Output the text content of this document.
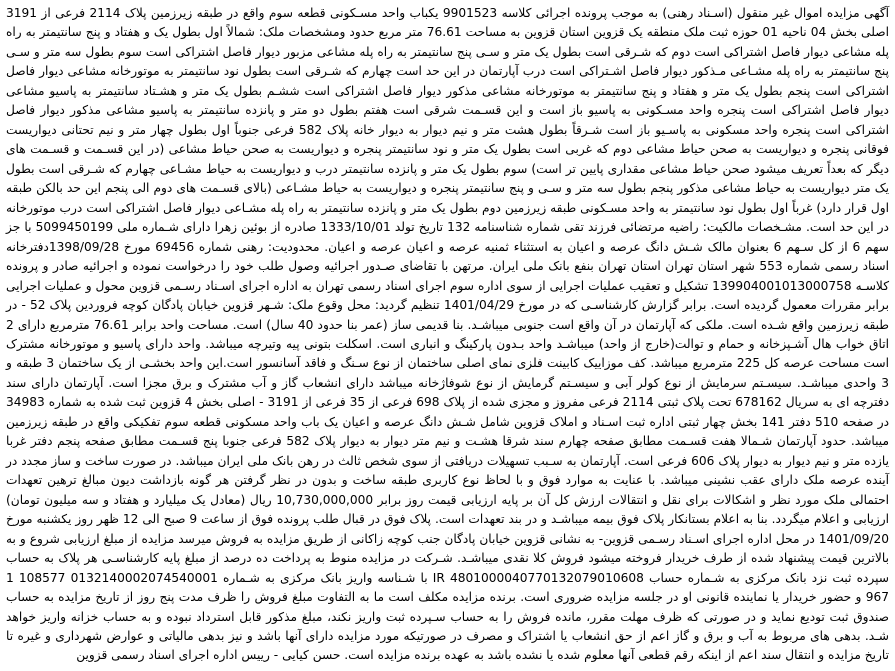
آگهی مزایده اموال غیر منقول (اسـناد رهنی) به موجب پرونده اجرائی کلاسه 9901523 یکباب واحد مسـکونی قطعه سوم واقع در طبقه زیرزمین پلاک 2114 فرعی از 3191 اصلی بخش 04 ناحیه 01 حوزه ثبت ملک منطقه یک قزوین استان قزوین به مساحت 76.61 متر مربع حدود ومشخصات ملک: شمالاً اول بطول یک و هفتاد و پنج سانتیمتر به راه پله مشاعی دیوار فاصل اشتراکی است دوم که شـرقی است بطول یک متر و سـی پنج سانتیمتر به راه پله مشاعی مزبور دیوار فاصل اشتراکی است سوم بطول سه متر و سـی پنج سانتیمتر به راه پله مشـاعی مـذکور دیوار فاصل اشـتراکی است درب آپارتمان در این حد است چهارم که شـرقی است بطول نود سانتیمتر به موتورخانه مشاعی دیوار فاصل اشتراکی است پنجم بطول یک متر و هفتاد و پنج سانتیمتر به موتورخانه مشاعی مذکور دیوار فاصل اشتراکی است ششـم بطول یک متر و هشـتاد سانتیمتر به پاسیو مشاعی دیوار فاصل اشتراکی است پنجره واحد مسـکونی به پاسیو باز است و این قسـمت شرقی است هفتم بطول دو متر و پانزده سانتیمتر به پاسیو مشاعی مذکور دیوار فاصل اشتراکی است پنجره واحد مسکونی به پاسـیو باز است شـرقاً بطول هشت متر و نیم دیوار به دیوار خانه پلاک 582 فرعی جنوباً اول بطول چهار متر و نیم تحتانی دیواریست فوقانی پنجره و دیواریست به صحن حیاط مشاعی دوم که غربی است بطول یک متر و نود سانتیمتر پنجره و دیواریست به صحن حیاط مشاعی (در این قسـمت و قسـمت های دیگر که بعداً تعریف میشود صحن حیاط مشاعی مقداری پایین تر است) سوم بطول یک متر و پانزده سانتیمتر درب و دیواریست به حیاط مشـاعی چهارم که شـرقی است بطول یک متر دیواریست به حیاط مشاعی مذکور پنجم بطول سه متر و سـی و پنج سانتیمتر پنجره و دیواریست به حیاط مشـاعی (بالای قسـمت های دوم الی پنجم این حد بالکن طبقه اول قرار دارد) غرباً اول بطول نود سانتیمتر به واحد مسـکونی طبقه زیرزمین دوم بطول یک متر و پانزده سانتیمتر به راه پله مشـاعی دیوار فاصل اشتراکی است درب موتورخانه در این حد است. مشـخصات مالکیت: راضیه مرتضائی فرزند تقی شماره شناسنامه 132 تاریخ تولد 1333/10/01 صادره از بوئین زهرا دارای شـماره ملی 5099450199 با جز سهم 6 از کل سـهم 6 بعنوان مالک شـش دانگ عرصه و اعیان به استثناء ثمنیه عرصه و اعیان عرصه و اعیان. محدودیت: رهنی شماره 69456 مورخ 1398/09/28دفترخانه اسناد رسمی شماره 553 شهر استان تهران استان تهران بنفع بانک ملی ایران. مرتهن با تقاضای صـدور اجرائیه وصول طلب خود را درخواست نموده و اجرائیه صادر و پرونده کلاسـه 139904001013000758 تشکیل و تعقیب عملیات اجرایی از سوی اداره سوم اجرای اسناد رسمی تهران به اداره اجرای اسـناد رسـمی قزوین محول و عملیات اجرایی برابر مقررات معمول گردیده است. برابر گزارش کارشناسـی که در مورخ 1401/04/29 تنظیم گردید: محل وقوع ملک: شـهر قزوین خیابان پادگان کوچه فروردین پلاک 52 - در طبقه زیرزمین واقع شـده است. ملکی که آپارتمان در آن واقع است جنوبی میباشـد. بنا قدیمی ساز (عمر بنا حدود 40 سال) است. مساحت واحد برابر 76.61 مترمربع دارای 2 اتاق خواب هال آشـپزخانه و حمام و توالت(خارج از واحد) میباشـد واحد بـدون پارکینگ و انباری است. اسکلت بتونی پیه وتیرچه میباشد. واحد دارای پاسیو و موتورخانه مشترک است مساحت عرصه کل 225 مترمربع میباشد. کف موزاییک کابینت فلزی نمای اصلی ساختمان از نوع سـنگ و فاقد آسانسور است.این واحد بخشـی از یک ساختمان 3 طبقه و 3 واحدی میباشـد. سیسـتم سرمایش از نوع کولر آبی و سیسـتم گرمایش از نوع شوفاژخانه میباشد دارای انشعاب گاز و آب مشترک و برق مجزا است. آپارتمان دارای سند دفترچه ای به سریال 678162 تحت پلاک ثبتی 2114 فرعی مفروز و مجزی شده از پلاک 698 فرعی از 35 فرعی از 3191 - اصلی بخش 4 قزوین ثبت شده به شماره 34983 در صفحه 510 دفتر 141 بخش چهار ثبتی اداره ثبت اسـناد و املاک قزوین شامل شـش دانگ عرصه و اعیان یک باب واحد مسکونی قطعه سوم تفکیکی واقع در طبقه زیرزمین میباشد. حدود آپارتمان شـمالا هفت قسـمت مطابق صفحه چهارم سند شرقا هشـت و نیم متر دیوار به دیوار پلاک 582 فرعی جنوبا پنج قسـمت مطابق صفحه پنجم دفتر غربا یازده متر و نیم دیوار به دیوار پلاک 606 فرعی است. آپارتمان به سـبب تسهیلات دریافتی از سوی شخص ثالث در رهن بانک ملی ایران میباشد. در صورت ساخت و ساز مجدد در آینده عرصه ملک دارای عقب نشینی میباشد. با عنایت به موارد فوق و با لحاظ نوع کاربری طبقه ساخت و بدون در نظر گرفتن هر گونه بازداشت دیون مبالغ ترهین تعهدات احتمالی ملک مورد نظر و اشکالات برای نقل و انتقالات ارزش کل آن بر پایه ارزیابی قیمت روز برابر 10,730,000,000 ریال (معادل یک میلیارد و هفتاد و سه میلیون تومان) ارزیابی و اعلام میگردد. بنا به اعلام بستانکار پلاک فوق بیمه میباشـد و در بند تعهدات است. پلاک فوق در قبال طلب پرونده فوق از ساعت 9 صبح الی 12 ظهر روز یکشنبه مورخ 1401/09/20 در محل اداره اجرای اسـناد رسـمی قزوین- به نشانی قزوین خیابان پادگان جنب کوچه زاکانی از طریق مزایده به فروش میرسد مزایده از مبلغ ارزیابی شروع و به بالاترین قیمت پیشنهاد شده از طرف خریدار فروخته میشود فروش کلا نقدی میباشـد. شـرکت در مزایده منوط به پرداخت ده درصد از مبلغ پایه کارشناسـی هر پلاک به حساب سپرده ثبت نزد بانک مرکزی به شـماره حساب 4801000040770132079010608 IR با شـناسه واریز بانک مرکزی به شـماره 0132140002074540001 108577 1 967 و حضور خریدار یا نماینده قانونی او در جلسه مزایده ضروری است. برنده مزایده مکلف است ما به التفاوت مبلغ فروش را ظرف مدت پنج روز از تاریخ مزایده به حساب صندوق ثبت تودیع نماید و در صورتی که ظرف مهلت مقرر، مانده فروش را به حساب سـپرده ثبت واریز نکند، مبلغ مذکور قابل استرداد نبوده و به حساب خزانه واریز خواهد شـد. بدهی های مربوط به آب و برق و گاز اعم از حق انشعاب یا اشتراک و مصرف در صورتیکه مورد مزایده دارای آنها باشد و نیز بدهی مالیاتی و عوارض شهرداری و غیره تا تاریخ مزایده و انتقال سند اعم از اینکه رقم قطعی آنها معلوم شده یا نشده باشد به عهده برنده مزایده است. حسن کیایی - رییس اداره اجرای اسناد رسمی قزوین
